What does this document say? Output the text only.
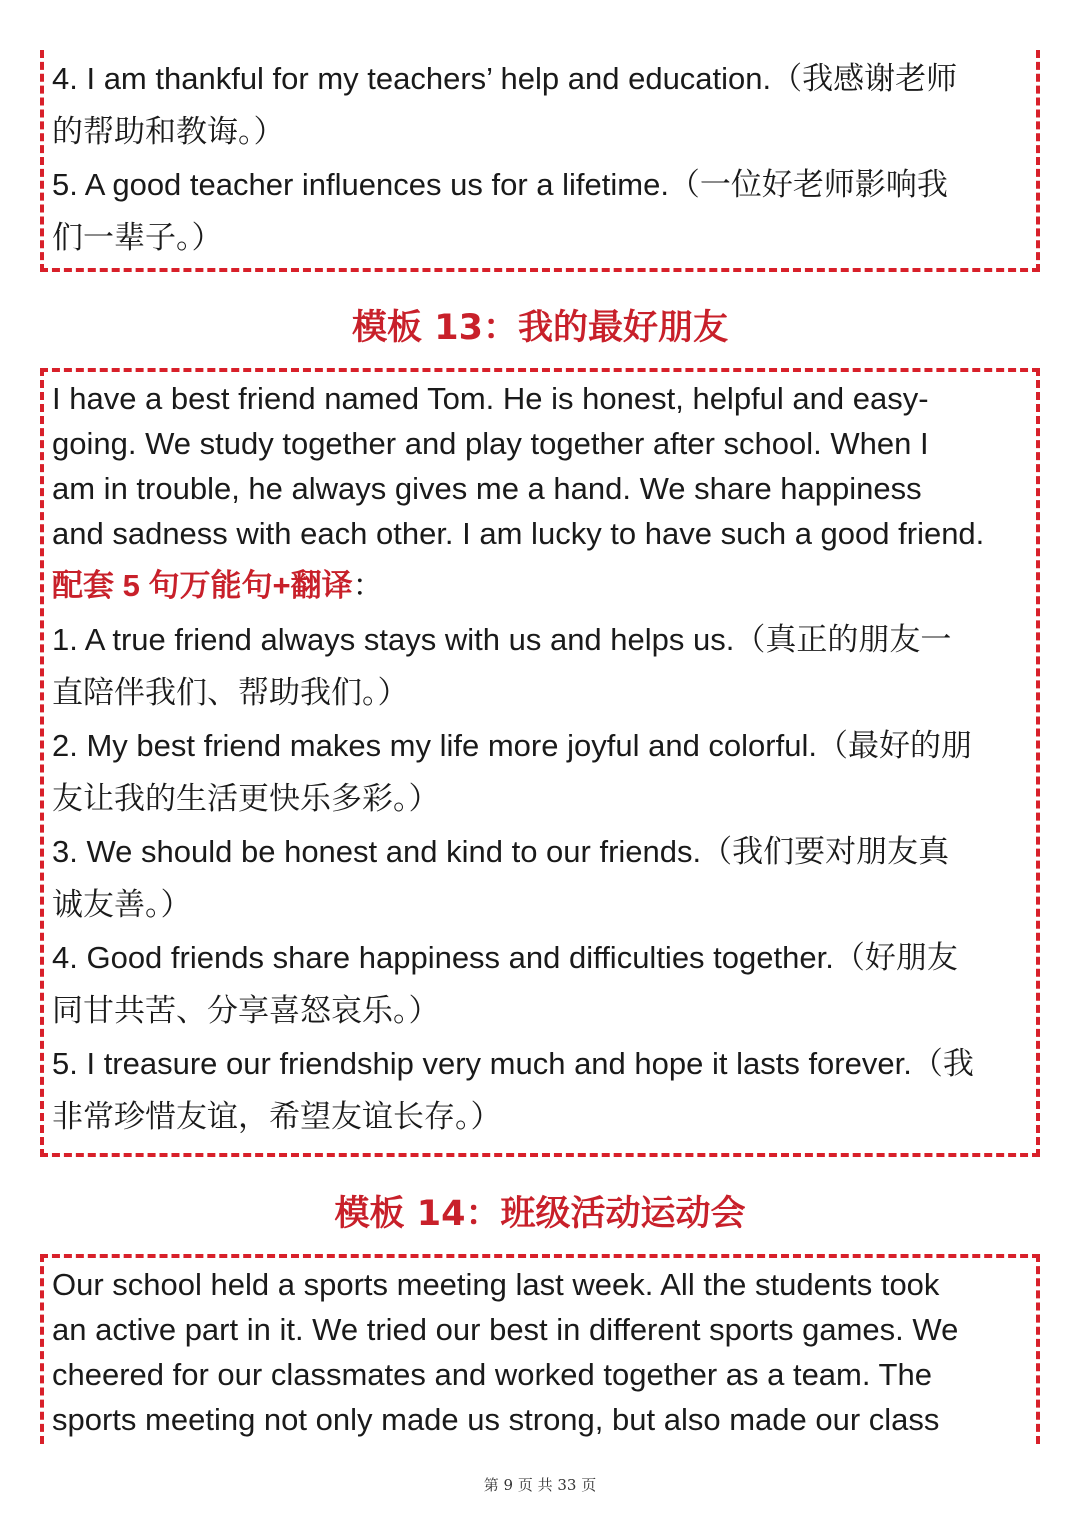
4. I am thankful for my teachers’ help and education.（我感谢老师
的帮助和教诲。）
5. A good teacher influences us for a lifetime.（一位好老师影响我
们一辈子。）
模板 13：我的最好朋友
I have a best friend named Tom. He is honest, helpful and easy-
going. We study together and play together after school. When I
am in trouble, he always gives me a hand. We share happiness
and sadness with each other. I am lucky to have such a good friend.
配套 5 句万能句+翻译：
1. A true friend always stays with us and helps us.（真正的朋友一
直陪伴我们、帮助我们。）
2. My best friend makes my life more joyful and colorful.（最好的朋
友让我的生活更快乐多彩。）
3. We should be honest and kind to our friends.（我们要对朋友真
诚友善。）
4. Good friends share happiness and difficulties together.（好朋友
同甘共苦、分享喜怒哀乐。）
5. I treasure our friendship very much and hope it lasts forever.（我
非常珍惜友谊，希望友谊长存。）
模板 14：班级活动运动会
Our school held a sports meeting last week. All the students took
an active part in it. We tried our best in different sports games. We
cheered for our classmates and worked together as a team. The
sports meeting not only made us strong, but also made our class
第 9 页 共 33 页
